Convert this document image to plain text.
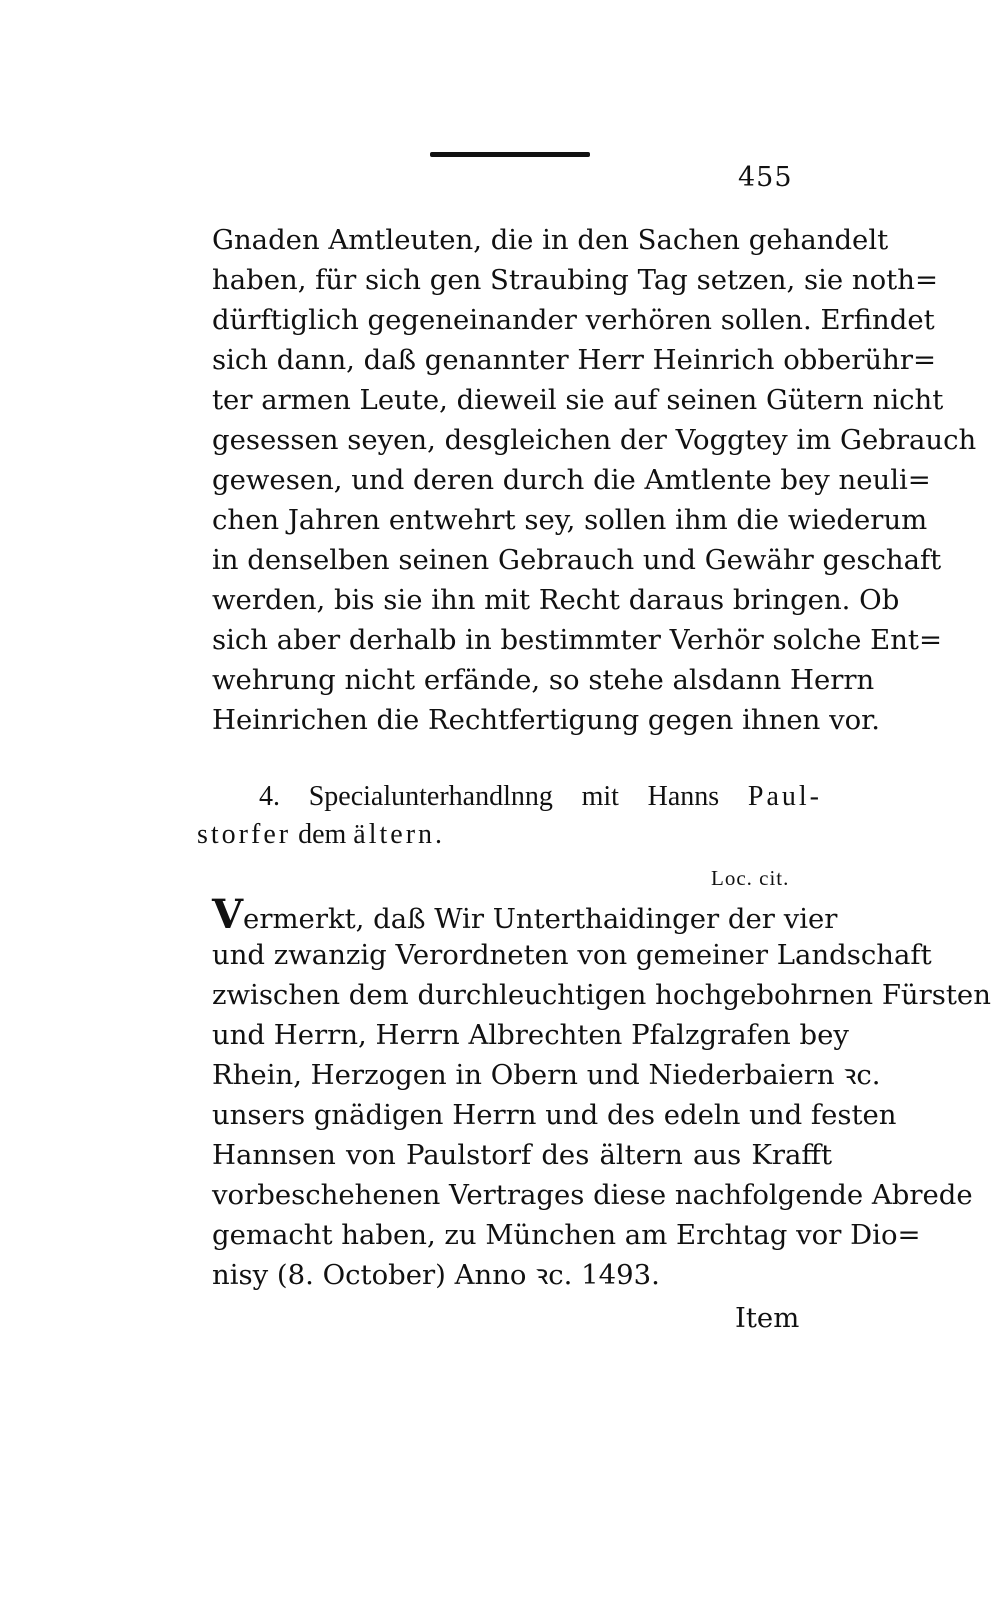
455
Gnaden Amtleuten, die in den Sachen gehandelt
haben, für sich gen Straubing Tag setzen, sie noth=
dürftiglich gegeneinander verhören sollen. Erfindet
sich dann, daß genannter Herr Heinrich obberühr=
ter armen Leute, dieweil sie auf seinen Gütern nicht
gesessen seyen, desgleichen der Voggtey im Gebrauch
gewesen, und deren durch die Amtlente bey neuli=
chen Jahren entwehrt sey, sollen ihm die wiederum
in denselben seinen Gebrauch und Gewähr geschaft
werden, bis sie ihn mit Recht daraus bringen. Ob
sich aber derhalb in bestimmter Verhör solche Ent=
wehrung nicht erfände, so stehe alsdann Herrn
Heinrichen die Rechtfertigung gegen ihnen vor.
4. Specialunterhandlnng mit Hanns Paul-
storfer dem ältern.
Loc. cit.
Vermerkt, daß Wir Unterthaidinger der vier
und zwanzig Verordneten von gemeiner Landschaft
zwischen dem durchleuchtigen hochgebohrnen Fürsten
und Herrn, Herrn Albrechten Pfalzgrafen bey
Rhein, Herzogen in Obern und Niederbaiern ꝛc.
unsers gnädigen Herrn und des edeln und festen
Hannsen von Paulstorf des ältern aus Krafft
vorbeschehenen Vertrages diese nachfolgende Abrede
gemacht haben, zu München am Erchtag vor Dio=
nisy (8. October) Anno ꝛc. 1493.
Item
